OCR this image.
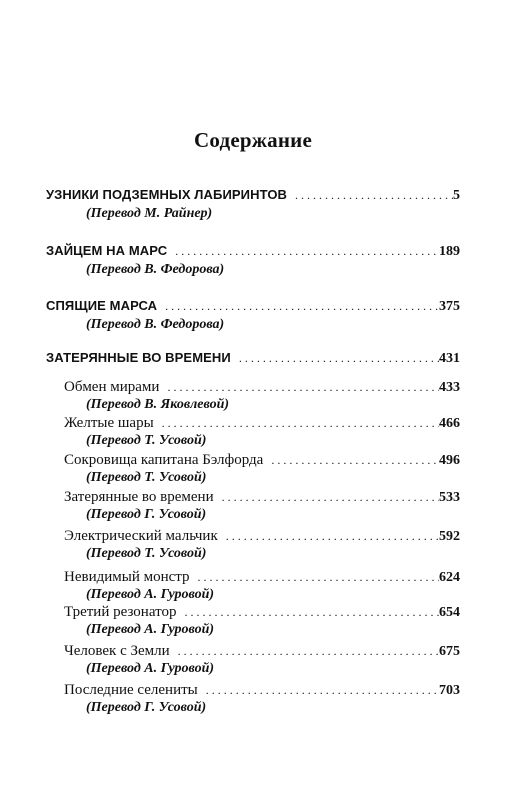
Содержание
УЗНИКИ ПОДЗЕМНЫХ ЛАБИРИНТОВ . . .	5
(Перевод М. Райнер)
ЗАЙЦЕМ НА МАРС . . .	189
(Перевод В. Федорова)
СПЯЩИЕ МАРСА . . .	375
(Перевод В. Федорова)
ЗАТЕРЯННЫЕ ВО ВРЕМЕНИ . . .	431
Обмен мирами . . .	433
(Перевод В. Яковлевой)
Желтые шары . . .	466
(Перевод Т. Усовой)
Сокровища капитана Бэлфорда . . .	496
(Перевод Т. Усовой)
Затерянные во времени . . .	533
(Перевод Г. Усовой)
Электрический мальчик . . .	592
(Перевод Т. Усовой)
Невидимый монстр . . .	624
(Перевод А. Гуровой)
Третий резонатор . . .	654
(Перевод А. Гуровой)
Человек с Земли . . .	675
(Перевод А. Гуровой)
Последние селениты . . .	703
(Перевод Г. Усовой)
